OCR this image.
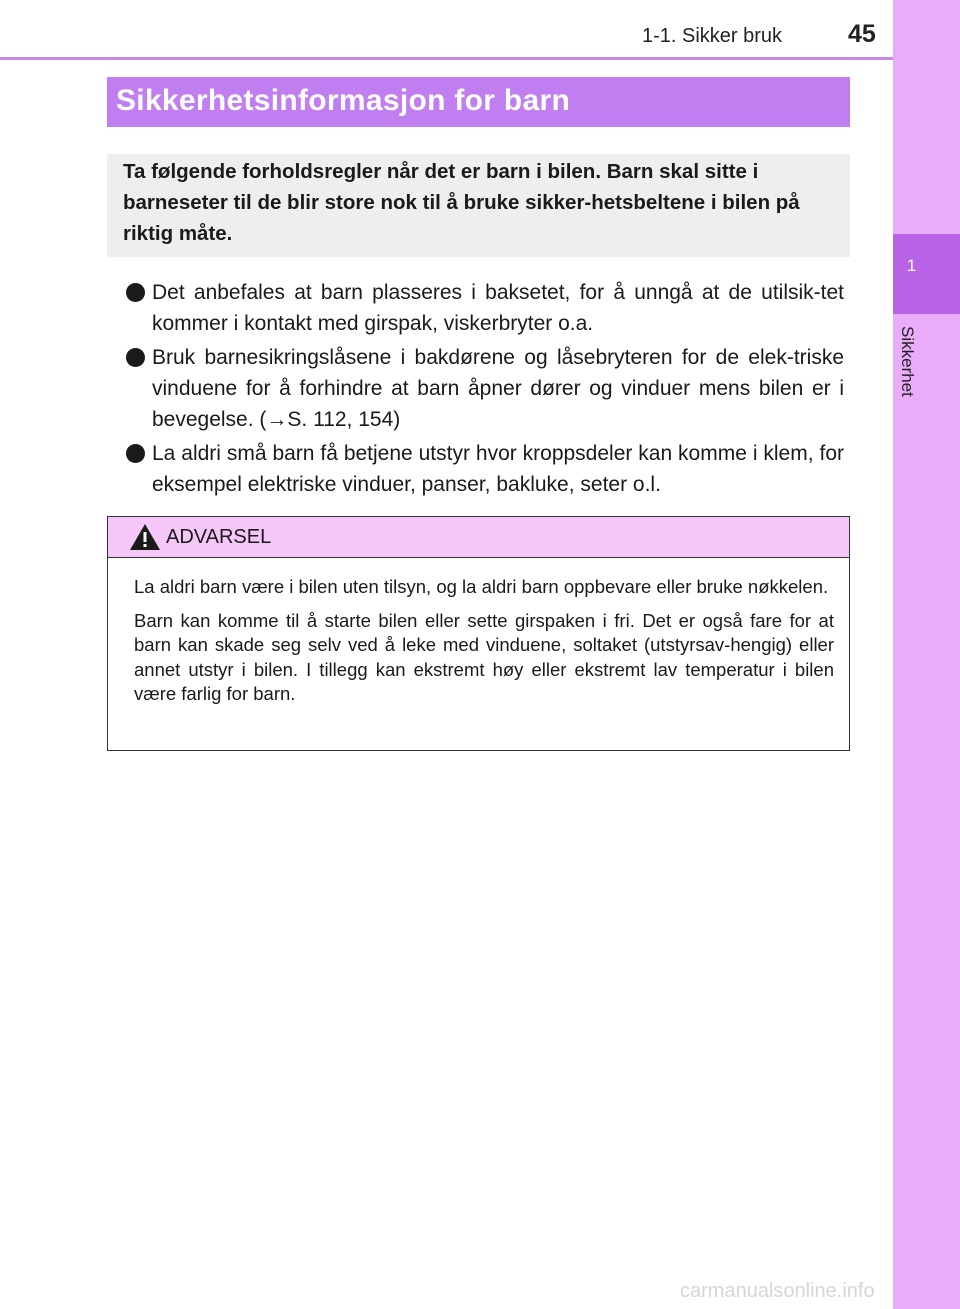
1-1. Sikker bruk	45
1
Sikkerhet
Sikkerhetsinformasjon for barn

Ta følgende forholdsregler når det er barn i bilen. Barn skal sitte i barneseter til de blir store nok til å bruke sikker-hetsbeltene i bilen på riktig måte.

Det anbefales at barn plasseres i baksetet, for å unngå at de utilsik-tet kommer i kontakt med girspak, viskerbryter o.a.
Bruk barnesikringslåsene i bakdørene og låsebryteren for de elek-triske vinduene for å forhindre at barn åpner dører og vinduer mens bilen er i bevegelse. (→S. 112, 154)
La aldri små barn få betjene utstyr hvor kroppsdeler kan komme i klem, for eksempel elektriske vinduer, panser, bakluke, seter o.l.
ADVARSEL

La aldri barn være i bilen uten tilsyn, og la aldri barn oppbevare eller bruke nøkkelen.

Barn kan komme til å starte bilen eller sette girspaken i fri. Det er også fare for at barn kan skade seg selv ved å leke med vinduene, soltaket (utstyrsav-hengig) eller annet utstyr i bilen. I tillegg kan ekstremt høy eller ekstremt lav temperatur i bilen være farlig for barn.

carmanualsonline.info
